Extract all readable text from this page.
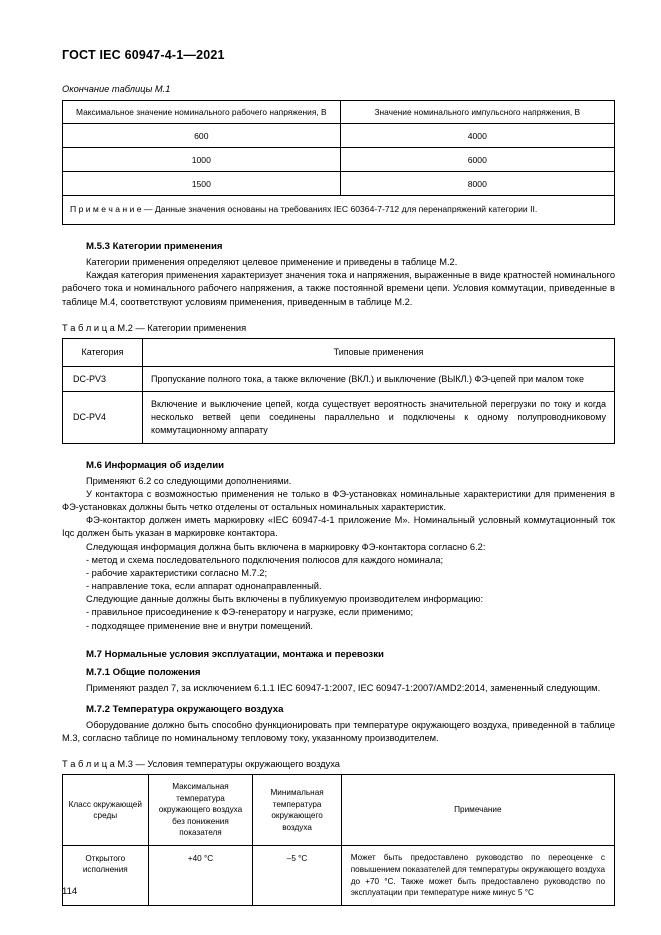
ГОСТ IEC 60947-4-1—2021
Окончание таблицы М.1
Максимальное значение номинального рабочего напряжения, В	Значение номинального импульсного напряжения, В
600	4000
1000	6000
1500	8000
П р и м е ч а н и е — Данные значения основаны на требованиях IEC 60364-7-712 для перенапряжений категории II.	
М.5.3 Категории применения

Категории применения определяют целевое применение и приведены в таблице М.2.

Каждая категория применения характеризует значения тока и напряжения, выраженные в виде кратностей номинального рабочего тока и номинального рабочего напряжения, а также постоянной времени цепи. Условия коммутации, приведенные в таблице М.4, соответствуют условиям применения, приведенным в таблице М.2.

Т а б л и ц а М.2 — Категории применения
Категория	Типовые применения
DC-PV3	Пропускание полного тока, а также включение (ВКЛ.) и выключение (ВЫКЛ.) ФЭ-цепей при малом токе
DC-PV4	Включение и выключение цепей, когда существует вероятность значительной перегрузки по току и когда несколько ветвей цепи соединены параллельно и подключены к одному полупроводниковому коммутационному аппарату
М.6 Информация об изделии

Применяют 6.2 со следующими дополнениями.

У контактора с возможностью применения не только в ФЭ-установках номинальные характеристики для применения в ФЭ-установках должны быть четко отделены от остальных номинальных характеристик.

ФЭ-контактор должен иметь маркировку «IEC 60947-4-1 приложение М». Номинальный условный коммутационный ток Iqc должен быть указан в маркировке контактора.

Следующая информация должна быть включена в маркировку ФЭ-контактора согласно 6.2:

- метод и схема последовательного подключения полюсов для каждого номинала;

- рабочие характеристики согласно М.7.2;

- направление тока, если аппарат однонаправленный.

Следующие данные должны быть включены в публикуемую производителем информацию:

- правильное присоединение к ФЭ-генератору и нагрузке, если применимо;

- подходящее применение вне и внутри помещений.

М.7 Нормальные условия эксплуатации, монтажа и перевозки
М.7.1 Общие положения

Применяют раздел 7, за исключением 6.1.1 IEC 60947-1:2007, IEC 60947-1:2007/AMD2:2014, замененный следующим.

М.7.2 Температура окружающего воздуха

Оборудование должно быть способно функционировать при температуре окружающего воздуха, приведенной в таблице М.3, согласно таблице по номинальному тепловому току, указанному производителем.

Т а б л и ц а М.3 — Условия температуры окружающего воздуха
Класс окружающей среды	Максимальная температура окружающего воздуха без понижения показателя	Минимальная температура окружающего воздуха	Примечание
Открытого исполнения	+40 °C	–5 °C	Может быть предоставлено руководство по переоценке с повышением показателей для температуры окружающего воздуха до +70 °C. Также может быть предоставлено руководство по эксплуатации при температуре ниже минус 5 °C
114
